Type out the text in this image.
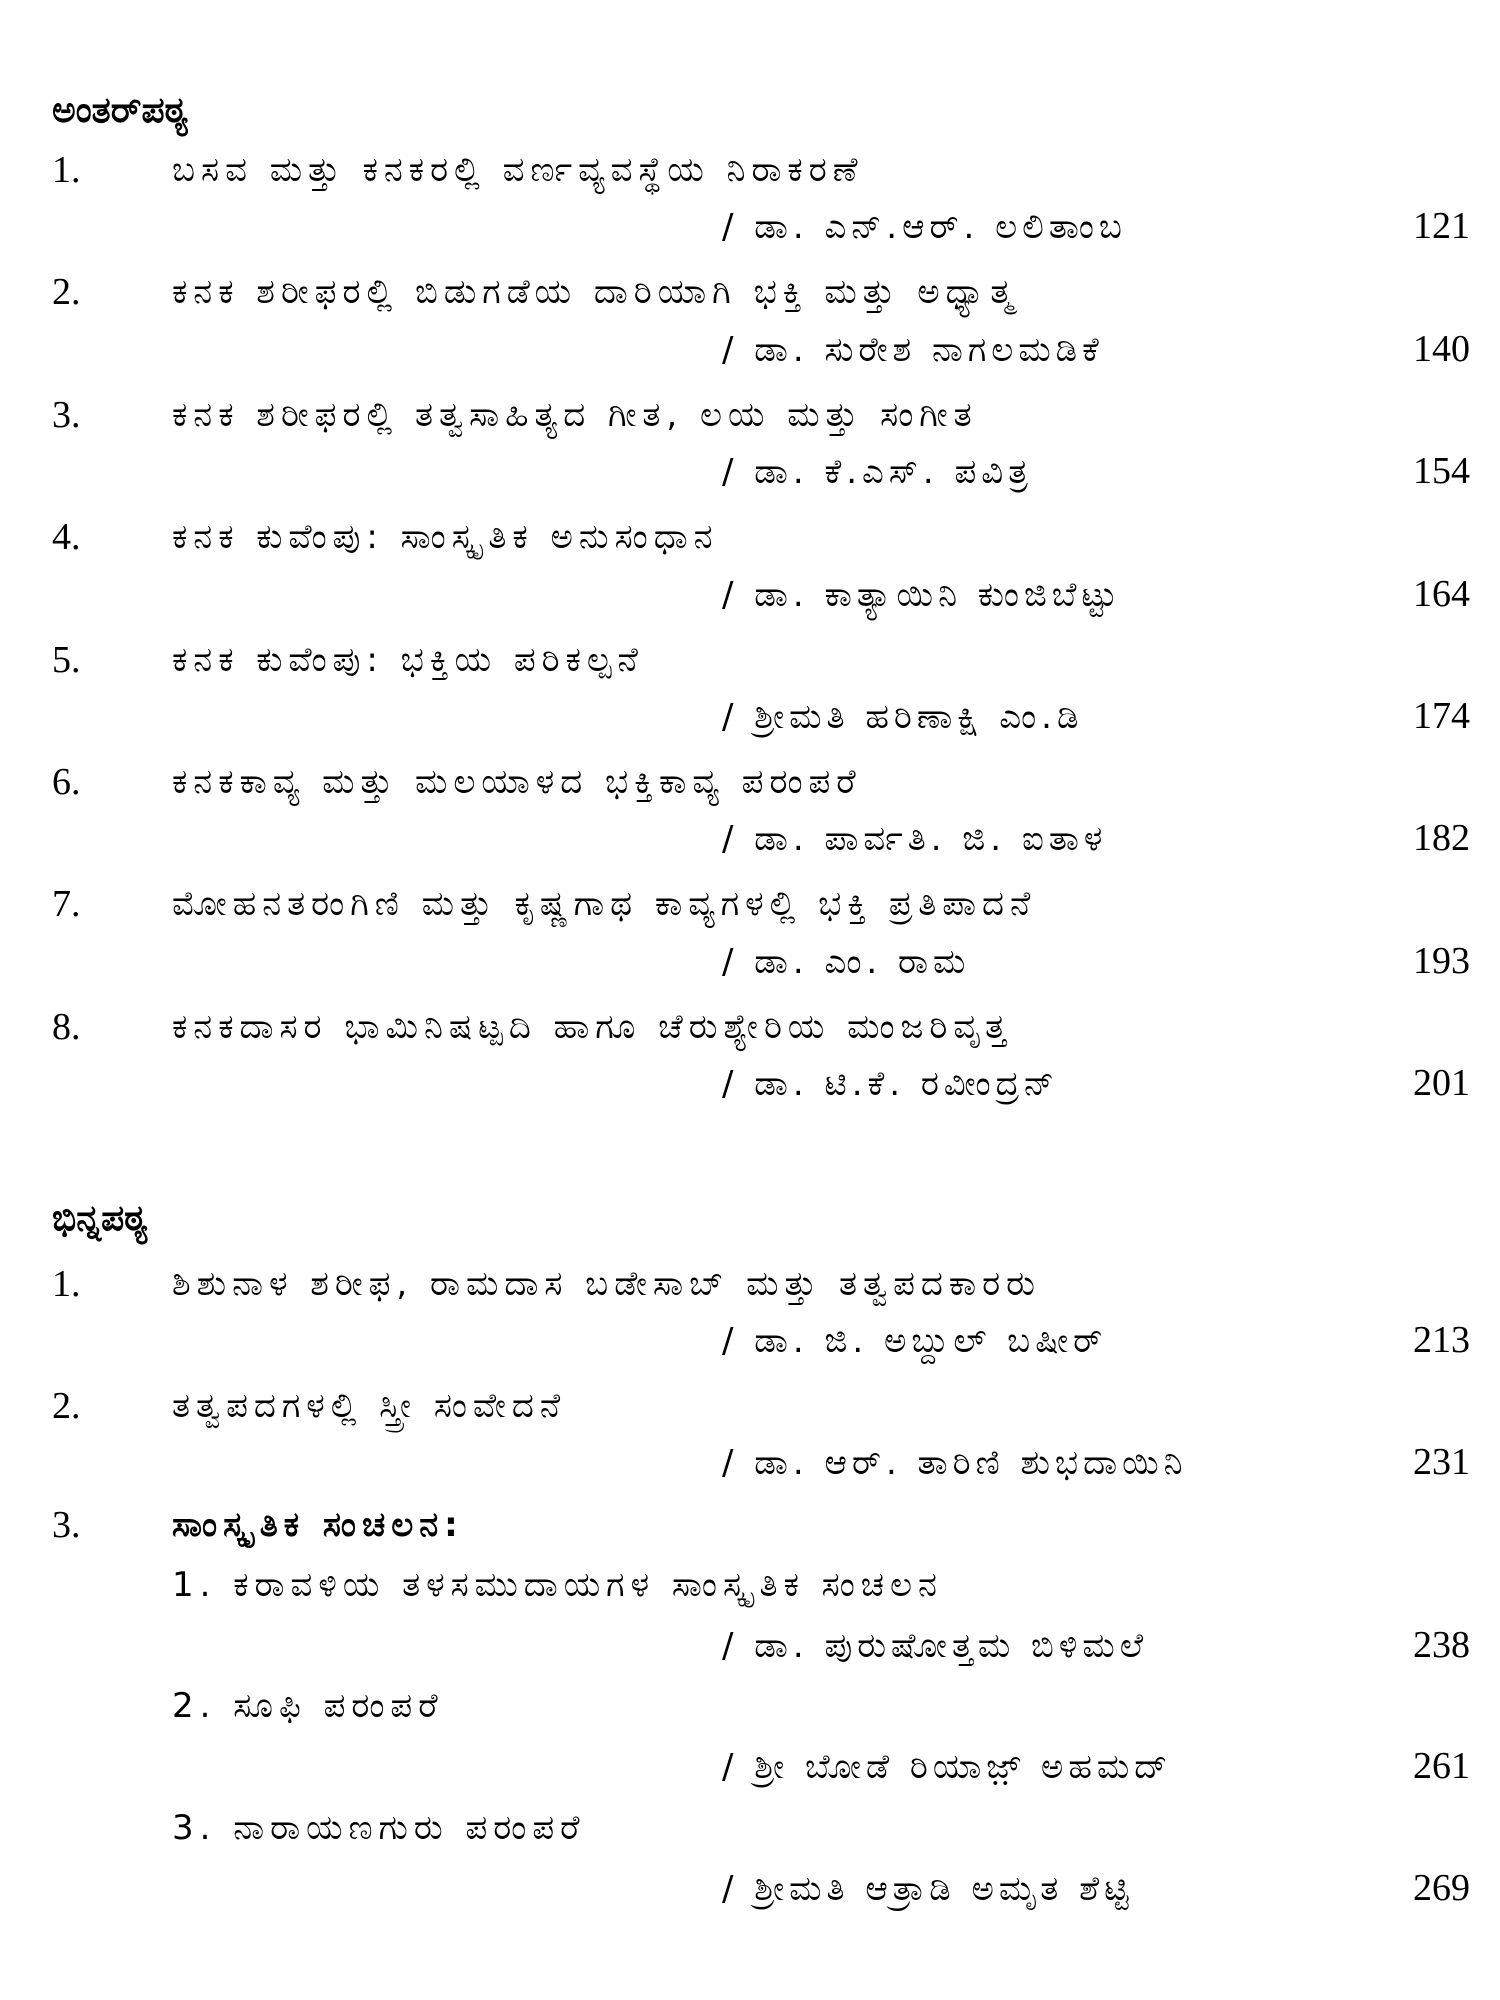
ಅಂತರ್‌ಪಠ್ಯ
1.	ಬಸವ ಮತ್ತು ಕನಕರಲ್ಲಿ ವರ್ಣವ್ಯವಸ್ಥೆಯ ನಿರಾಕರಣೆ
/ ಡಾ. ಎನ್.ಆರ್. ಲಲಿತಾಂಬ	121
2.	ಕನಕ ಶರೀಫರಲ್ಲಿ ಬಿಡುಗಡೆಯ ದಾರಿಯಾಗಿ ಭಕ್ತಿ ಮತ್ತು ಅಧ್ಯಾತ್ಮ
/ ಡಾ. ಸುರೇಶ ನಾಗಲಮಡಿಕೆ	140
3.	ಕನಕ ಶರೀಫರಲ್ಲಿ ತತ್ವಸಾಹಿತ್ಯದ ಗೀತ, ಲಯ ಮತ್ತು ಸಂಗೀತ
/ ಡಾ. ಕೆ.ಎಸ್. ಪವಿತ್ರ	154
4.	ಕನಕ ಕುವೆಂಪು: ಸಾಂಸ್ಕೃತಿಕ ಅನುಸಂಧಾನ
/ ಡಾ. ಕಾತ್ಯಾಯಿನಿ ಕುಂಜಿಬೆಟ್ಟು	164
5.	ಕನಕ ಕುವೆಂಪು: ಭಕ್ತಿಯ ಪರಿಕಲ್ಪನೆ
/ ಶ್ರೀಮತಿ ಹರಿಣಾಕ್ಷಿ ಎಂ.ಡಿ	174
6.	ಕನಕಕಾವ್ಯ ಮತ್ತು ಮಲಯಾಳದ ಭಕ್ತಿಕಾವ್ಯ ಪರಂಪರೆ
/ ಡಾ. ಪಾರ್ವತಿ. ಜಿ. ಐತಾಳ	182
7.	ಮೋಹನತರಂಗಿಣಿ ಮತ್ತು ಕೃಷ್ಣಗಾಥ ಕಾವ್ಯಗಳಲ್ಲಿ ಭಕ್ತಿ ಪ್ರತಿಪಾದನೆ
/ ಡಾ. ಎಂ. ರಾಮ	193
8.	ಕನಕದಾಸರ ಭಾಮಿನಿಷಟ್ಪದಿ ಹಾಗೂ ಚೆರುಶ್ಯೇರಿಯ ಮಂಜರಿವೃತ್ತ
/ ಡಾ. ಟಿ.ಕೆ. ರವೀಂದ್ರನ್	201
ಭಿನ್ನಪಠ್ಯ
1.	ಶಿಶುನಾಳ ಶರೀಫ, ರಾಮದಾಸ ಬಡೇಸಾಬ್ ಮತ್ತು ತತ್ವಪದಕಾರರು
/ ಡಾ. ಜಿ. ಅಬ್ದುಲ್ ಬಷೀರ್	213
2.	ತತ್ವಪದಗಳಲ್ಲಿ ಸ್ತ್ರೀ ಸಂವೇದನೆ
/ ಡಾ. ಆರ್. ತಾರಿಣಿ ಶುಭದಾಯಿನಿ	231
3.	ಸಾಂಸ್ಕೃತಿಕ ಸಂಚಲನ:
1. ಕರಾವಳಿಯ ತಳಸಮುದಾಯಗಳ ಸಾಂಸ್ಕೃತಿಕ ಸಂಚಲನ
/ ಡಾ. ಪುರುಷೋತ್ತಮ ಬಿಳಿಮಲೆ	238
2. ಸೂಫಿ ಪರಂಪರೆ
/ ಶ್ರೀ ಬೋಡೆ ರಿಯಾಜ಼್ ಅಹಮದ್	261
3. ನಾರಾಯಣಗುರು ಪರಂಪರೆ
/ ಶ್ರೀಮತಿ ಆತ್ರಾಡಿ ಅಮೃತ ಶೆಟ್ಟಿ	269
